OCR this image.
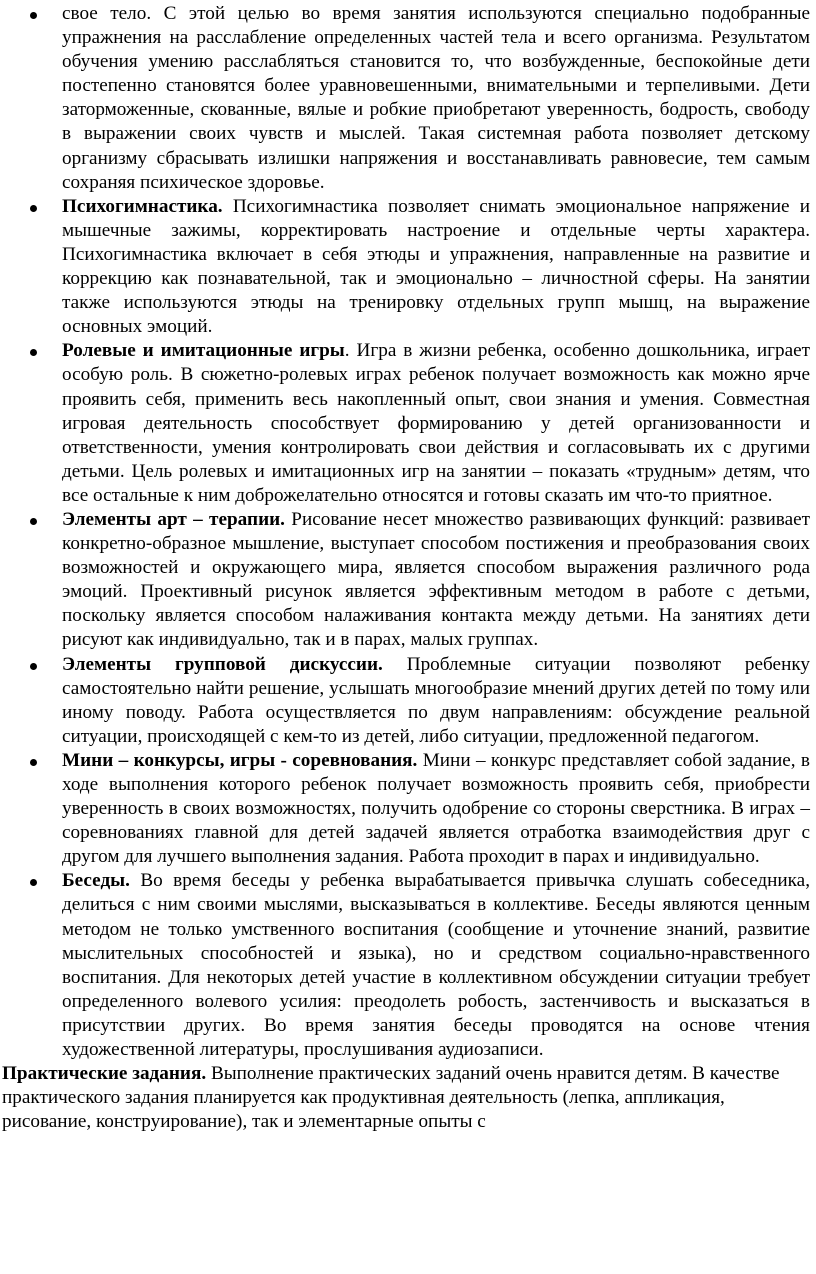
свое тело. С этой целью во время занятия используются специально подобранные упражнения на расслабление определенных частей тела и всего организма. Результатом обучения умению расслабляться становится то, что возбужденные, беспокойные дети постепенно становятся более уравновешенными, внимательными и терпеливыми. Дети заторможенные, скованные, вялые и робкие приобретают уверенность, бодрость, свободу в выражении своих чувств и мыслей. Такая системная работа позволяет детскому организму сбрасывать излишки напряжения и восстанавливать равновесие, тем самым сохраняя психическое здоровье.
Психогимнастика. Психогимнастика позволяет снимать эмоциональное напряжение и мышечные зажимы, корректировать настроение и отдельные черты характера. Психогимнастика включает в себя этюды и упражнения, направленные на развитие и коррекцию как познавательной, так и эмоционально – личностной сферы. На занятии также используются этюды на тренировку отдельных групп мышц, на выражение основных эмоций.
Ролевые и имитационные игры. Игра в жизни ребенка, особенно дошкольника, играет особую роль. В сюжетно-ролевых играх ребенок получает возможность как можно ярче проявить себя, применить весь накопленный опыт, свои знания и умения. Совместная игровая деятельность способствует формированию у детей организованности и ответственности, умения контролировать свои действия и согласовывать их с другими детьми. Цель ролевых и имитационных игр на занятии – показать «трудным» детям, что все остальные к ним доброжелательно относятся и готовы сказать им что-то приятное.
Элементы арт – терапии. Рисование несет множество развивающих функций: развивает конкретно-образное мышление, выступает способом постижения и преобразования своих возможностей и окружающего мира, является способом выражения различного рода эмоций. Проективный рисунок является эффективным методом в работе с детьми, поскольку является способом налаживания контакта между детьми. На занятиях дети рисуют как индивидуально, так и в парах, малых группах.
Элементы групповой дискуссии. Проблемные ситуации позволяют ребенку самостоятельно найти решение, услышать многообразие мнений других детей по тому или иному поводу. Работа осуществляется по двум направлениям: обсуждение реальной ситуации, происходящей с кем-то из детей, либо ситуации, предложенной педагогом.
Мини – конкурсы, игры - соревнования. Мини – конкурс представляет собой задание, в ходе выполнения которого ребенок получает возможность проявить себя, приобрести уверенность в своих возможностях, получить одобрение со стороны сверстника. В играх – соревнованиях главной для детей задачей является отработка взаимодействия друг с другом для лучшего выполнения задания. Работа проходит в парах и индивидуально.
Беседы. Во время беседы у ребенка вырабатывается привычка слушать собеседника, делиться с ним своими мыслями, высказываться в коллективе. Беседы являются ценным методом не только умственного воспитания (сообщение и уточнение знаний, развитие мыслительных способностей и языка), но и средством социально-нравственного воспитания. Для некоторых детей участие в коллективном обсуждении ситуации требует определенного волевого усилия: преодолеть робость, застенчивость и высказаться в присутствии других. Во время занятия беседы проводятся на основе чтения художественной литературы, прослушивания аудиозаписи.
Практические задания. Выполнение практических заданий очень нравится детям. В качестве практического задания планируется как продуктивная деятельность (лепка, аппликация, рисование, конструирование), так и элементарные опыты с
